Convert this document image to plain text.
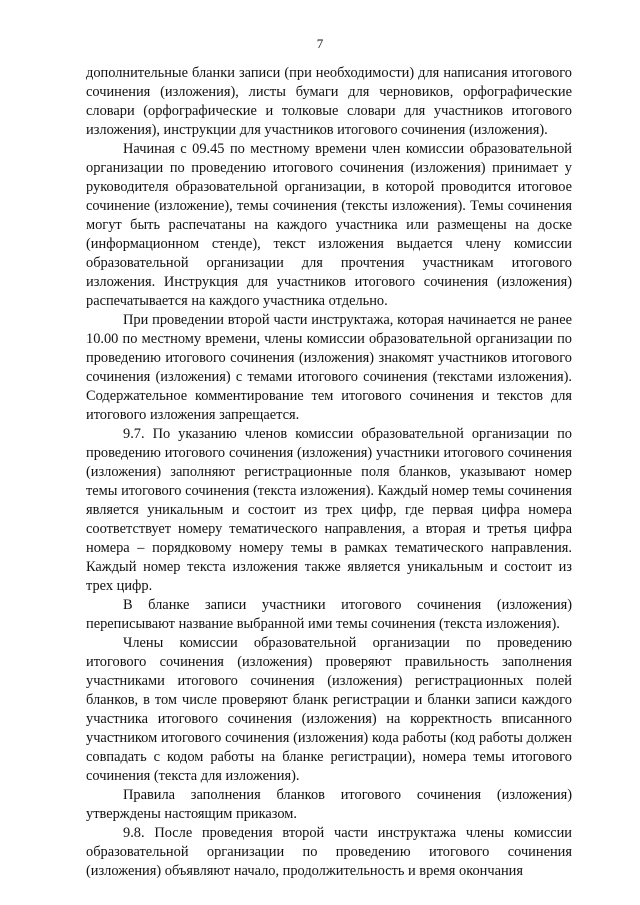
7

дополнительные бланки записи (при необходимости) для написания итогового сочинения (изложения), листы бумаги для черновиков, орфографические словари (орфографические и толковые словари для участников итогового изложения), инструкции для участников итогового сочинения (изложения).

Начиная с 09.45 по местному времени член комиссии образовательной организации по проведению итогового сочинения (изложения) принимает у руководителя образовательной организации, в которой проводится итоговое сочинение (изложение), темы сочинения (тексты изложения). Темы сочинения могут быть распечатаны на каждого участника или размещены на доске (информационном стенде), текст изложения выдается члену комиссии образовательной организации для прочтения участникам итогового изложения. Инструкция для участников итогового сочинения (изложения) распечатывается на каждого участника отдельно.

При проведении второй части инструктажа, которая начинается не ранее 10.00 по местному времени, члены комиссии образовательной организации по проведению итогового сочинения (изложения) знакомят участников итогового сочинения (изложения) с темами итогового сочинения (текстами изложения). Содержательное комментирование тем итогового сочинения и текстов для итогового изложения запрещается.

9.7. По указанию членов комиссии образовательной организации по проведению итогового сочинения (изложения) участники итогового сочинения (изложения) заполняют регистрационные поля бланков, указывают номер темы итогового сочинения (текста изложения). Каждый номер темы сочинения является уникальным и состоит из трех цифр, где первая цифра номера соответствует номеру тематического направления, а вторая и третья цифра номера – порядковому номеру темы в рамках тематического направления. Каждый номер текста изложения также является уникальным и состоит из трех цифр.

В бланке записи участники итогового сочинения (изложения) переписывают название выбранной ими темы сочинения (текста изложения).

Члены комиссии образовательной организации по проведению итогового сочинения (изложения) проверяют правильность заполнения участниками итогового сочинения (изложения) регистрационных полей бланков, в том числе проверяют бланк регистрации и бланки записи каждого участника итогового сочинения (изложения) на корректность вписанного участником итогового сочинения (изложения) кода работы (код работы должен совпадать с кодом работы на бланке регистрации), номера темы итогового сочинения (текста для изложения).

Правила заполнения бланков итогового сочинения (изложения) утверждены настоящим приказом.

9.8. После проведения второй части инструктажа члены комиссии образовательной организации по проведению итогового сочинения (изложения) объявляют начало, продолжительность и время окончания
